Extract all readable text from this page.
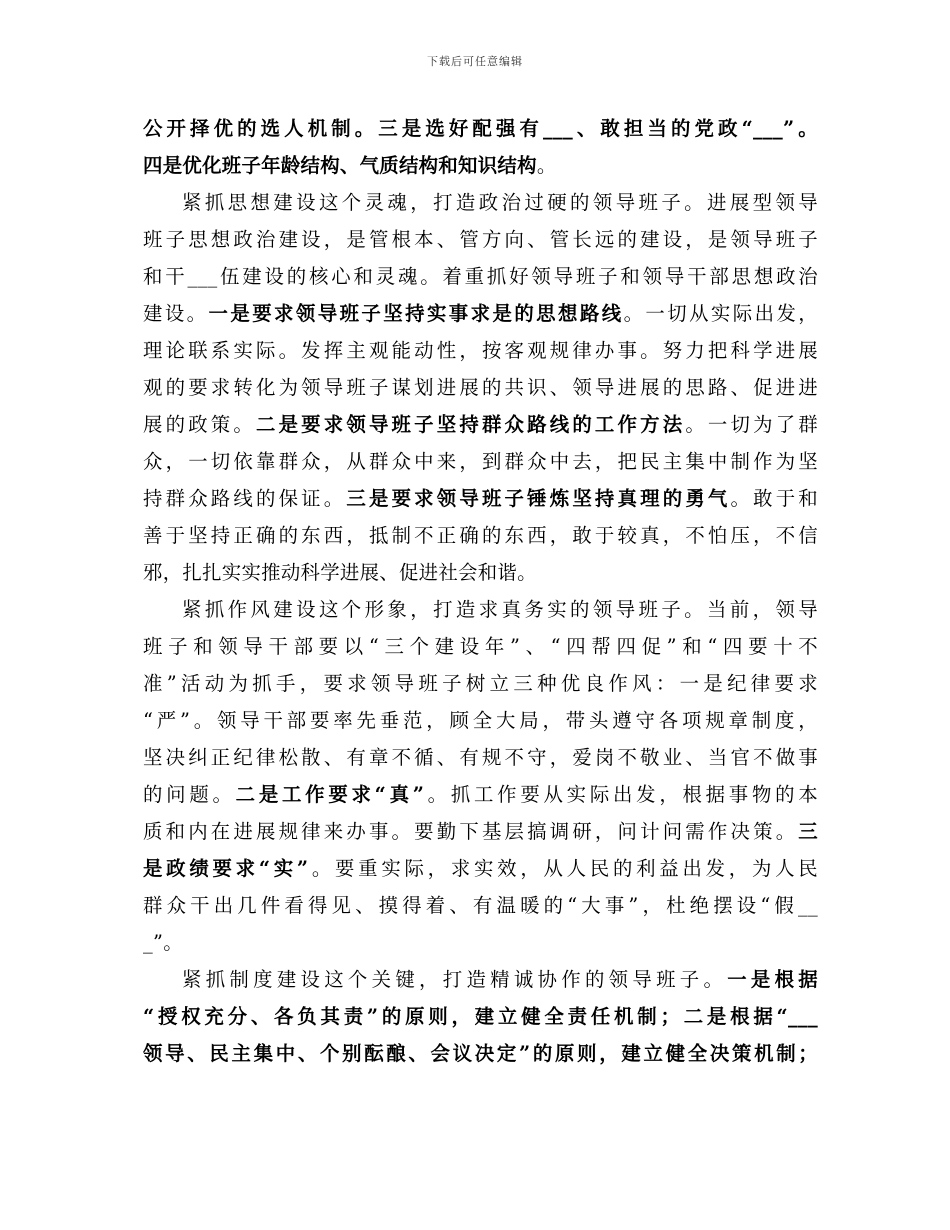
下载后可任意编辑
公开择优的选人机制。三是选好配强有___、敢担当的党政“___”。
四是优化班子年龄结构、气质结构和知识结构。
紧抓思想建设这个灵魂，打造政治过硬的领导班子。进展型领导
班子思想政治建设，是管根本、管方向、管长远的建设，是领导班子
和干___伍建设的核心和灵魂。着重抓好领导班子和领导干部思想政治
建设。一是要求领导班子坚持实事求是的思想路线。一切从实际出发，
理论联系实际。发挥主观能动性，按客观规律办事。努力把科学进展
观的要求转化为领导班子谋划进展的共识、领导进展的思路、促进进
展的政策。二是要求领导班子坚持群众路线的工作方法。一切为了群
众，一切依靠群众，从群众中来，到群众中去，把民主集中制作为坚
持群众路线的保证。三是要求领导班子锤炼坚持真理的勇气。敢于和
善于坚持正确的东西，抵制不正确的东西，敢于较真，不怕压，不信
邪，扎扎实实推动科学进展、促进社会和谐。
紧抓作风建设这个形象，打造求真务实的领导班子。当前，领导
班子和领导干部要以“三个建设年”、“四帮四促”和“四要十不
准”活动为抓手，要求领导班子树立三种优良作风：一是纪律要求
“严”。领导干部要率先垂范，顾全大局，带头遵守各项规章制度，
坚决纠正纪律松散、有章不循、有规不守，爱岗不敬业、当官不做事
的问题。二是工作要求“真”。抓工作要从实际出发，根据事物的本
质和内在进展规律来办事。要勤下基层搞调研，问计问需作决策。三
是政绩要求“实”。要重实际，求实效，从人民的利益出发，为人民
群众干出几件看得见、摸得着、有温暖的“大事”，杜绝摆设“假__
_”。
紧抓制度建设这个关键，打造精诚协作的领导班子。一是根据
“授权充分、各负其责”的原则，建立健全责任机制；二是根据“___
领导、民主集中、个别酝酿、会议决定”的原则，建立健全决策机制；
